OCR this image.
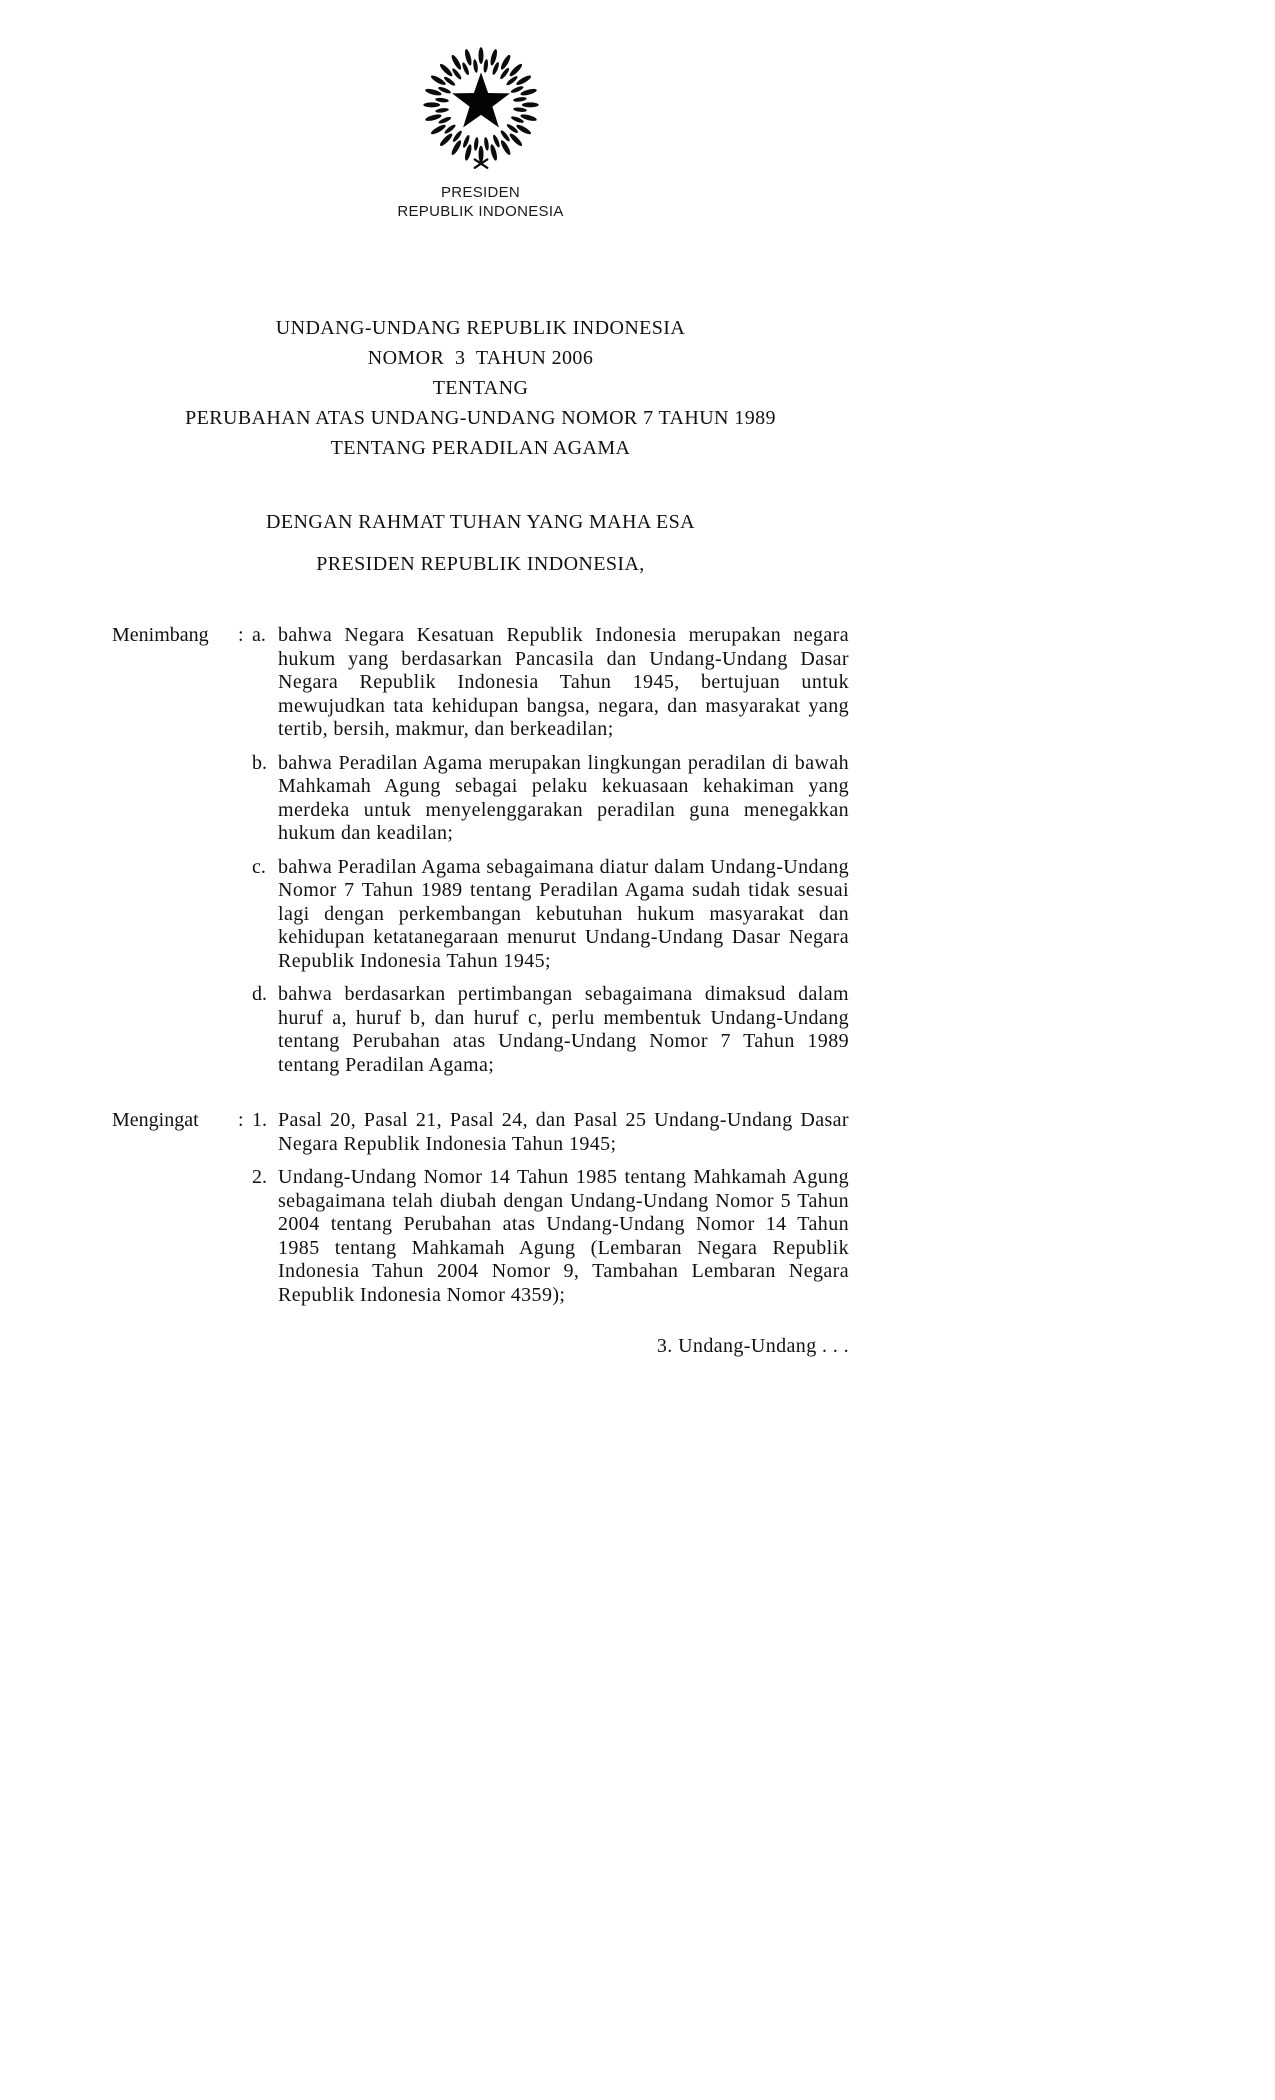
PRESIDEN
REPUBLIK INDONESIA
UNDANG-UNDANG REPUBLIK INDONESIA
NOMOR  3  TAHUN 2006
TENTANG
PERUBAHAN ATAS UNDANG-UNDANG NOMOR 7 TAHUN 1989
TENTANG PERADILAN AGAMA
DENGAN RAHMAT TUHAN YANG MAHA ESA
PRESIDEN REPUBLIK INDONESIA,
Menimbang	: a. bahwa Negara Kesatuan Republik Indonesia merupakan negara hukum yang berdasarkan Pancasila dan Undang-Undang Dasar Negara Republik Indonesia Tahun 1945, bertujuan untuk mewujudkan tata kehidupan bangsa, negara, dan masyarakat yang tertib, bersih, makmur, dan berkeadilan;
b. bahwa Peradilan Agama merupakan lingkungan peradilan di bawah Mahkamah Agung sebagai pelaku kekuasaan kehakiman yang merdeka untuk menyelenggarakan peradilan guna menegakkan hukum dan keadilan;
c. bahwa Peradilan Agama sebagaimana diatur dalam Undang-Undang Nomor 7 Tahun 1989 tentang Peradilan Agama sudah tidak sesuai lagi dengan perkembangan kebutuhan hukum masyarakat dan kehidupan ketatanegaraan menurut Undang-Undang Dasar Negara Republik Indonesia Tahun 1945;
d. bahwa berdasarkan pertimbangan sebagaimana dimaksud dalam huruf a, huruf b, dan huruf c, perlu membentuk Undang-Undang tentang Perubahan atas Undang-Undang Nomor 7 Tahun 1989 tentang Peradilan Agama;
Mengingat	: 1. Pasal 20, Pasal 21, Pasal 24, dan Pasal 25 Undang-Undang Dasar Negara Republik Indonesia Tahun 1945;
2. Undang-Undang Nomor 14 Tahun 1985 tentang Mahkamah Agung sebagaimana telah diubah dengan Undang-Undang Nomor 5 Tahun 2004 tentang Perubahan atas Undang-Undang Nomor 14 Tahun 1985 tentang Mahkamah Agung (Lembaran Negara Republik Indonesia Tahun 2004 Nomor 9, Tambahan Lembaran Negara Republik Indonesia Nomor 4359);
3. Undang-Undang . . .
